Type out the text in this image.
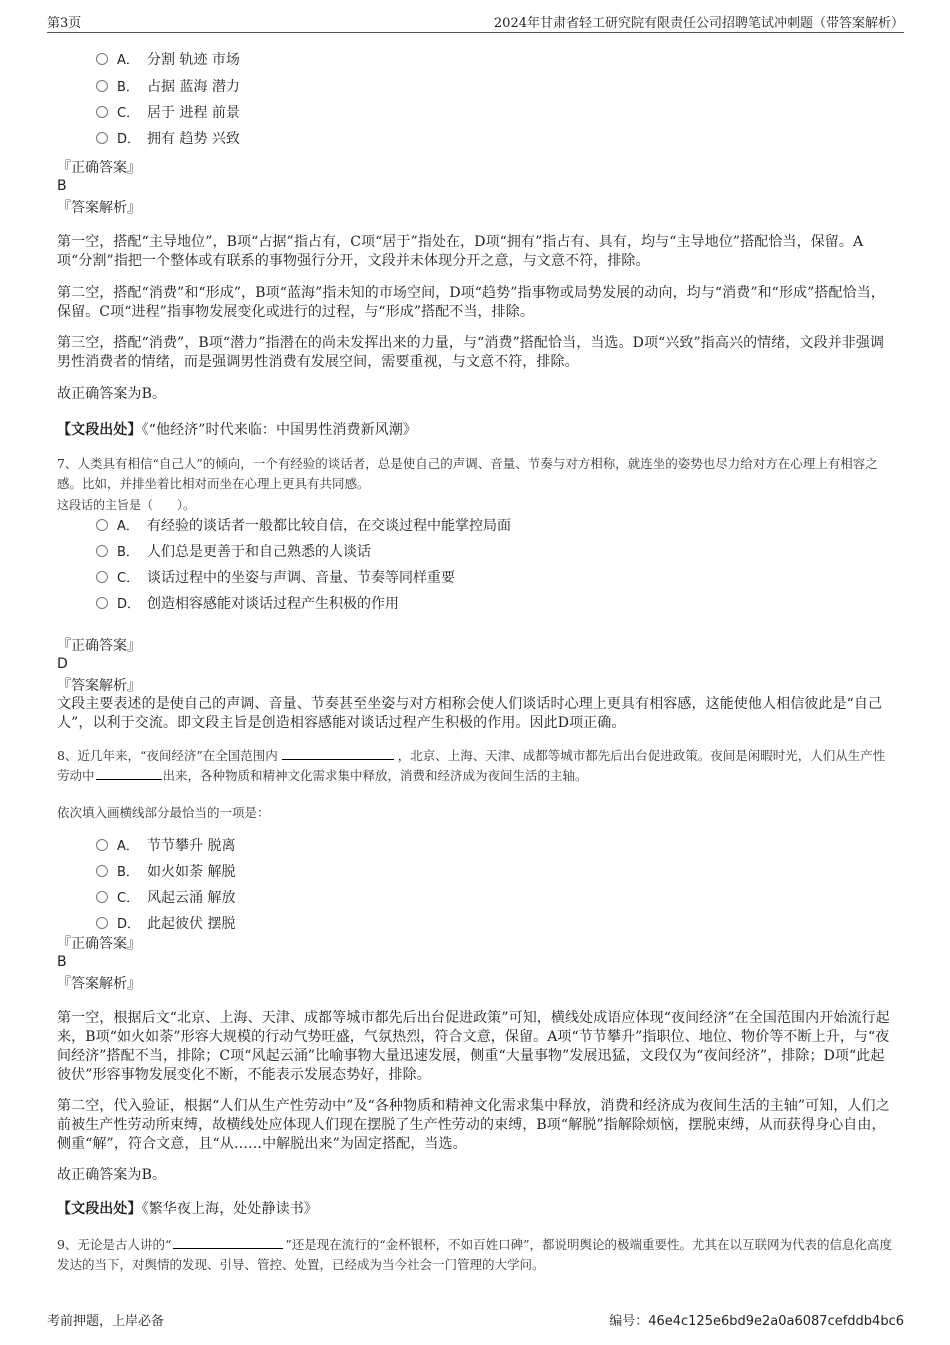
第3页	2024年甘肃省轻工研究院有限责任公司招聘笔试冲刺题（带答案解析）
A． 分割 轨迹 市场
B． 占据 蓝海 潜力
C． 居于 进程 前景
D． 拥有 趋势 兴致
『正确答案』
B
『答案解析』

第一空，搭配“主导地位”，B项“占据”指占有，C项“居于”指处在，D项“拥有”指占有、具有，均与“主导地位”搭配恰当，保留。A项“分割”指把一个整体或有联系的事物强行分开，文段并未体现分开之意，与文意不符，排除。

第二空，搭配“消费”和“形成”，B项“蓝海”指未知的市场空间，D项“趋势”指事物或局势发展的动向，均与“消费”和“形成”搭配恰当，保留。C项“进程”指事物发展变化或进行的过程，与“形成”搭配不当，排除。

第三空，搭配“消费”，B项“潜力”指潜在的尚未发挥出来的力量，与“消费”搭配恰当，当选。D项“兴致”指高兴的情绪，文段并非强调男性消费者的情绪，而是强调男性消费有发展空间，需要重视，与文意不符，排除。

故正确答案为B。

【文段出处】《“他经济”时代来临：中国男性消费新风潮》

7、人类具有相信“自己人”的倾向，一个有经验的谈话者，总是使自己的声调、音量、节奏与对方相称，就连坐的姿势也尽力给对方在心理上有相容之感。比如，并排坐着比相对而坐在心理上更具有共同感。

这段话的主旨是（　　）。

A． 有经验的谈话者一般都比较自信，在交谈过程中能掌控局面
B． 人们总是更善于和自己熟悉的人谈话
C． 谈话过程中的坐姿与声调、音量、节奏等同样重要
D． 创造相容感能对谈话过程产生积极的作用
『正确答案』
D
『答案解析』

文段主要表述的是使自己的声调、音量、节奏甚至坐姿与对方相称会使人们谈话时心理上更具有相容感，这能使他人相信彼此是“自己人”，以利于交流。即文段主旨是创造相容感能对谈话过程产生积极的作用。因此D项正确。

8、近几年来，“夜间经济”在全国范围内	，北京、上海、天津、成都等城市都先后出台促进政策。夜间是闲暇时光，人们从生产性劳动中	出来，各种物质和精神文化需求集中释放，消费和经济成为夜间生活的主轴。

依次填入画横线部分最恰当的一项是：

A． 节节攀升 脱离
B． 如火如荼 解脱
C． 风起云涌 解放
D． 此起彼伏 摆脱
『正确答案』
B
『答案解析』

第一空，根据后文“北京、上海、天津、成都等城市都先后出台促进政策”可知，横线处成语应体现“夜间经济”在全国范围内开始流行起来，B项“如火如荼”形容大规模的行动气势旺盛，气氛热烈，符合文意，保留。A项“节节攀升”指职位、地位、物价等不断上升，与“夜间经济”搭配不当，排除；C项“风起云涌”比喻事物大量迅速发展，侧重“大量事物”发展迅猛，文段仅为“夜间经济”，排除；D项“此起彼伏”形容事物发展变化不断，不能表示发展态势好，排除。

第二空，代入验证，根据“人们从生产性劳动中”及“各种物质和精神文化需求集中释放，消费和经济成为夜间生活的主轴”可知，人们之前被生产性劳动所束缚，故横线处应体现人们现在摆脱了生产性劳动的束缚，B项“解脱”指解除烦恼，摆脱束缚，从而获得身心自由，侧重“解”，符合文意，且“从……中解脱出来”为固定搭配，当选。

故正确答案为B。

【文段出处】《繁华夜上海，处处静读书》

9、无论是古人讲的“	”还是现在流行的“金杯银杯，不如百姓口碑”，都说明舆论的极端重要性。尤其在以互联网为代表的信息化高度发达的当下，对舆情的发现、引导、管控、处置，已经成为当今社会一门管理的大学问。

考前押题，上岸必备	编号：46e4c125e6bd9e2a0a6087cefddb4bc6
